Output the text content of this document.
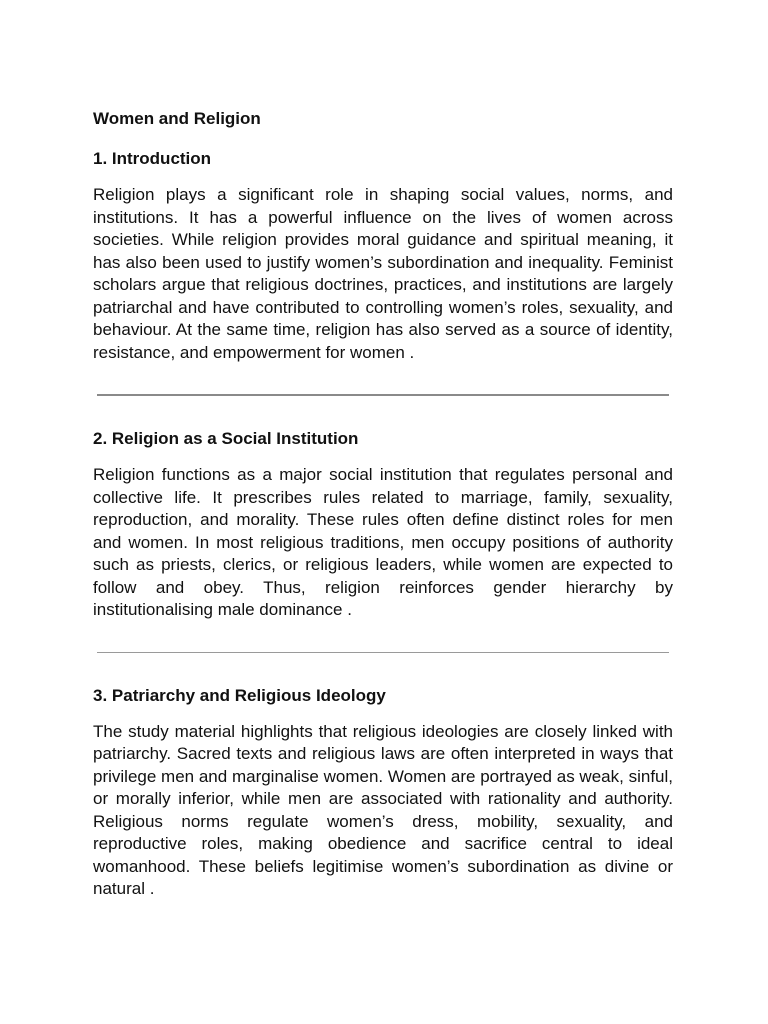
Women and Religion
1. Introduction

Religion plays a significant role in shaping social values, norms, and institutions. It has a powerful influence on the lives of women across societies. While religion provides moral guidance and spiritual meaning, it has also been used to justify women’s subordination and inequality. Feminist scholars argue that religious doctrines, practices, and institutions are largely patriarchal and have contributed to controlling women’s roles, sexuality, and behaviour. At the same time, religion has also served as a source of identity, resistance, and empowerment for women .

2. Religion as a Social Institution

Religion functions as a major social institution that regulates personal and collective life. It prescribes rules related to marriage, family, sexuality, reproduction, and morality. These rules often define distinct roles for men and women. In most religious traditions, men occupy positions of authority such as priests, clerics, or religious leaders, while women are expected to follow and obey. Thus, religion reinforces gender hierarchy by institutionalising male dominance .

3. Patriarchy and Religious Ideology

The study material highlights that religious ideologies are closely linked with patriarchy. Sacred texts and religious laws are often interpreted in ways that privilege men and marginalise women. Women are portrayed as weak, sinful, or morally inferior, while men are associated with rationality and authority. Religious norms regulate women’s dress, mobility, sexuality, and reproductive roles, making obedience and sacrifice central to ideal womanhood. These beliefs legitimise women’s subordination as divine or natural .
